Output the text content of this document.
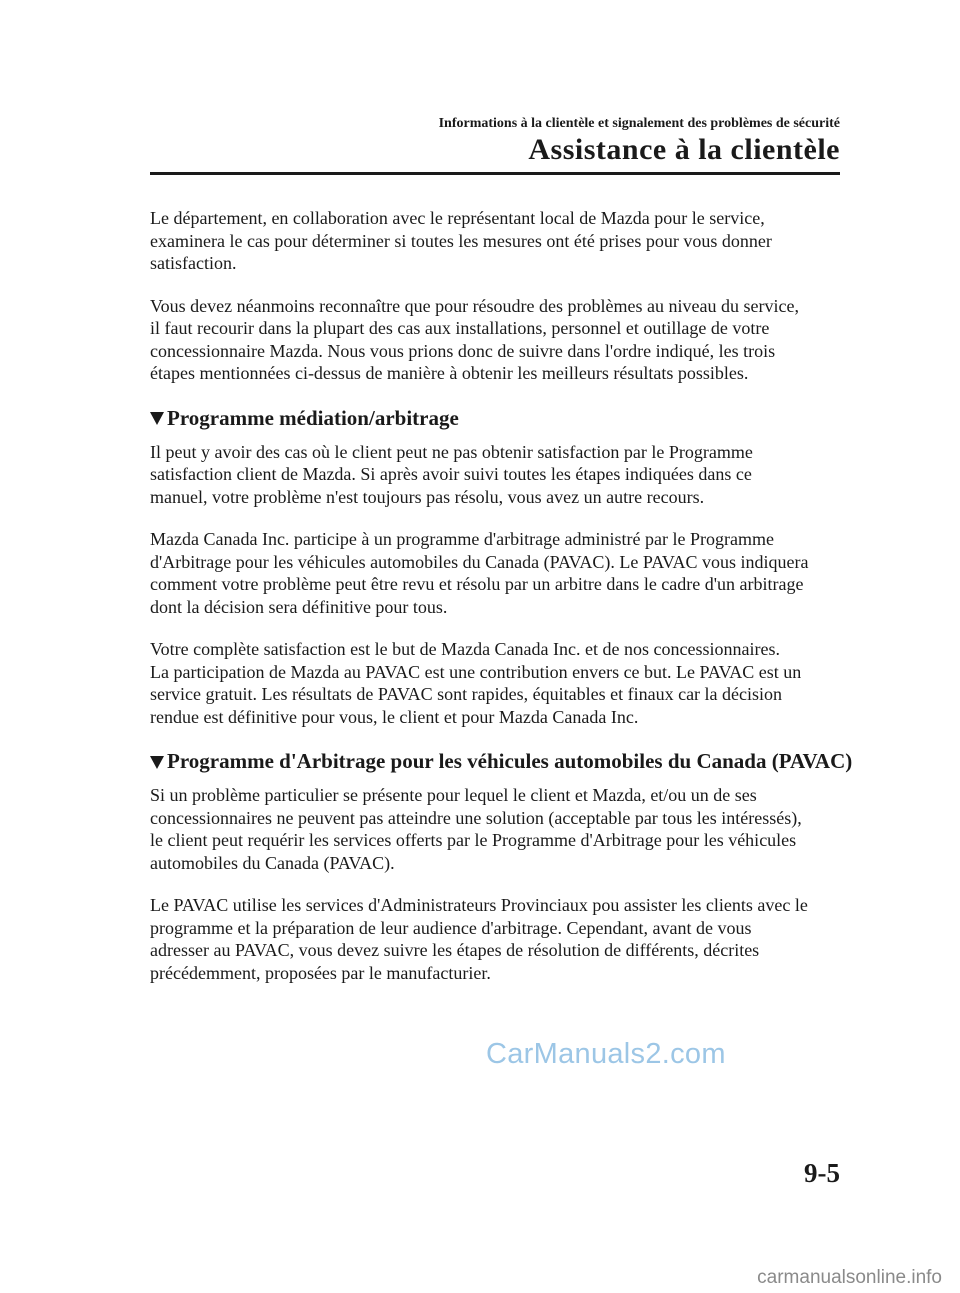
Informations à la clientèle et signalement des problèmes de sécurité
Assistance à la clientèle
Le département, en collaboration avec le représentant local de Mazda pour le service,
examinera le cas pour déterminer si toutes les mesures ont été prises pour vous donner
satisfaction.
Vous devez néanmoins reconnaître que pour résoudre des problèmes au niveau du service,
il faut recourir dans la plupart des cas aux installations, personnel et outillage de votre
concessionnaire Mazda. Nous vous prions donc de suivre dans l'ordre indiqué, les trois
étapes mentionnées ci-dessus de manière à obtenir les meilleurs résultats possibles.
Programme médiation/arbitrage
Il peut y avoir des cas où le client peut ne pas obtenir satisfaction par le Programme
satisfaction client de Mazda. Si après avoir suivi toutes les étapes indiquées dans ce
manuel, votre problème n'est toujours pas résolu, vous avez un autre recours.
Mazda Canada Inc. participe à un programme d'arbitrage administré par le Programme
d'Arbitrage pour les véhicules automobiles du Canada (PAVAC). Le PAVAC vous indiquera
comment votre problème peut être revu et résolu par un arbitre dans le cadre d'un arbitrage
dont la décision sera définitive pour tous.
Votre complète satisfaction est le but de Mazda Canada Inc. et de nos concessionnaires.
La participation de Mazda au PAVAC est une contribution envers ce but. Le PAVAC est un
service gratuit. Les résultats de PAVAC sont rapides, équitables et finaux car la décision
rendue est définitive pour vous, le client et pour Mazda Canada Inc.
Programme d'Arbitrage pour les véhicules automobiles du Canada (PAVAC)
Si un problème particulier se présente pour lequel le client et Mazda, et/ou un de ses
concessionnaires ne peuvent pas atteindre une solution (acceptable par tous les intéressés),
le client peut requérir les services offerts par le Programme d'Arbitrage pour les véhicules
automobiles du Canada (PAVAC).
Le PAVAC utilise les services d'Administrateurs Provinciaux pou assister les clients avec le
programme et la préparation de leur audience d'arbitrage. Cependant, avant de vous
adresser au PAVAC, vous devez suivre les étapes de résolution de différents, décrites
précédemment, proposées par le manufacturier.
CarManuals2.com
9-5
carmanualsonline.info
